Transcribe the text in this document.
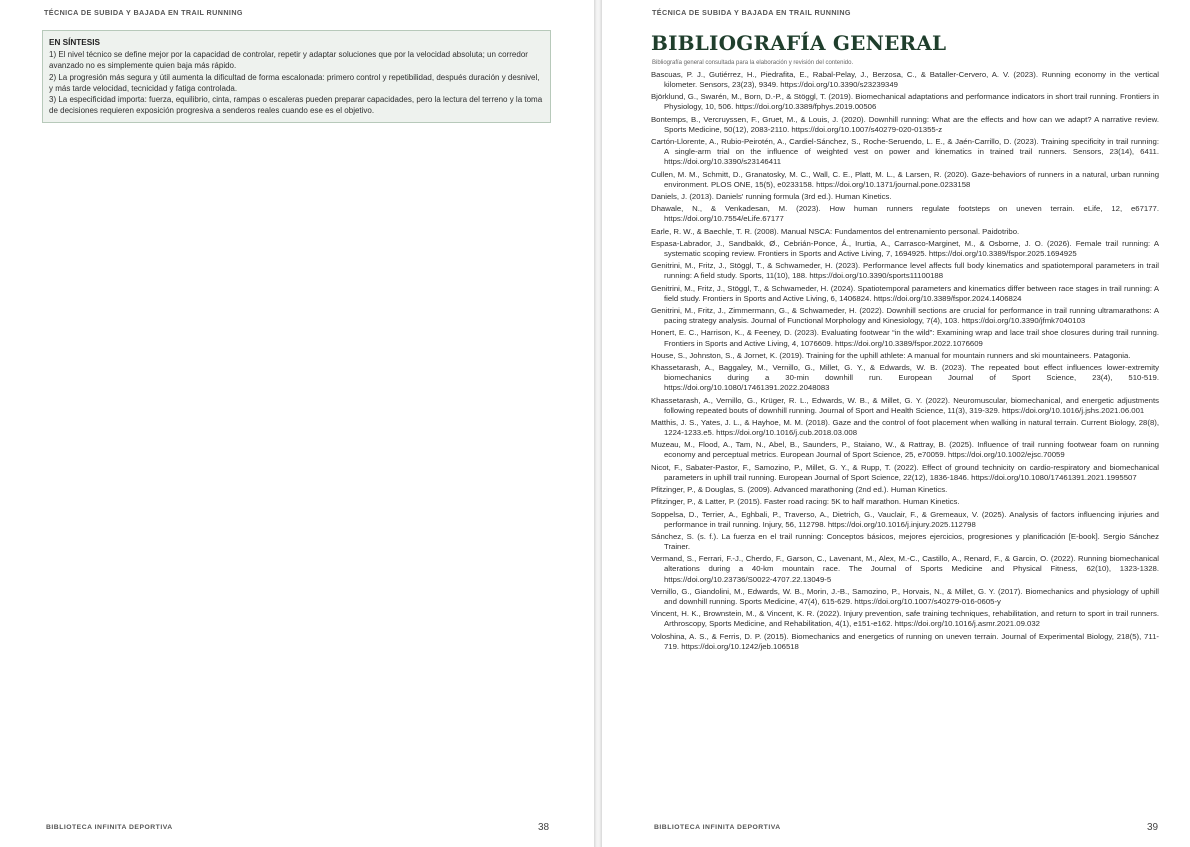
TÉCNICA DE SUBIDA Y BAJADA EN TRAIL RUNNING
EN SÍNTESIS

1) El nivel técnico se define mejor por la capacidad de controlar, repetir y adaptar soluciones que por la velocidad absoluta; un corredor avanzado no es simplemente quien baja más rápido.

2) La progresión más segura y útil aumenta la dificultad de forma escalonada: primero control y repetibilidad, después duración y desnivel, y más tarde velocidad, tecnicidad y fatiga controlada.

3) La especificidad importa: fuerza, equilibrio, cinta, rampas o escaleras pueden preparar capacidades, pero la lectura del terreno y la toma de decisiones requieren exposición progresiva a senderos reales cuando ese es el objetivo.

BIBLIOTECA INFINITA DEPORTIVA	38
TÉCNICA DE SUBIDA Y BAJADA EN TRAIL RUNNING
BIBLIOGRAFÍA GENERAL
Bibliografía general consultada para la elaboración y revisión del contenido.
Bascuas, P. J., Gutiérrez, H., Piedrafita, E., Rabal-Pelay, J., Berzosa, C., & Bataller-Cervero, A. V. (2023). Running economy in the vertical kilometer. Sensors, 23(23), 9349. https://doi.org/10.3390/s23239349
Björklund, G., Swarén, M., Born, D.-P., & Stöggl, T. (2019). Biomechanical adaptations and performance indicators in short trail running. Frontiers in Physiology, 10, 506. https://doi.org/10.3389/fphys.2019.00506
Bontemps, B., Vercruyssen, F., Gruet, M., & Louis, J. (2020). Downhill running: What are the effects and how can we adapt? A narrative review. Sports Medicine, 50(12), 2083-2110. https://doi.org/10.1007/s40279-020-01355-z
Cartón-Llorente, A., Rubio-Peirotén, A., Cardiel-Sánchez, S., Roche-Seruendo, L. E., & Jaén-Carrillo, D. (2023). Training specificity in trail running: A single-arm trial on the influence of weighted vest on power and kinematics in trained trail runners. Sensors, 23(14), 6411. https://doi.org/10.3390/s23146411
Cullen, M. M., Schmitt, D., Granatosky, M. C., Wall, C. E., Platt, M. L., & Larsen, R. (2020). Gaze-behaviors of runners in a natural, urban running environment. PLOS ONE, 15(5), e0233158. https://doi.org/10.1371/journal.pone.0233158
Daniels, J. (2013). Daniels' running formula (3rd ed.). Human Kinetics.
Dhawale, N., & Venkadesan, M. (2023). How human runners regulate footsteps on uneven terrain. eLife, 12, e67177. https://doi.org/10.7554/eLife.67177
Earle, R. W., & Baechle, T. R. (2008). Manual NSCA: Fundamentos del entrenamiento personal. Paidotribo.
Espasa-Labrador, J., Sandbakk, Ø., Cebrián-Ponce, Á., Irurtia, A., Carrasco-Marginet, M., & Osborne, J. O. (2026). Female trail running: A systematic scoping review. Frontiers in Sports and Active Living, 7, 1694925. https://doi.org/10.3389/fspor.2025.1694925
Genitrini, M., Fritz, J., Stöggl, T., & Schwameder, H. (2023). Performance level affects full body kinematics and spatiotemporal parameters in trail running: A field study. Sports, 11(10), 188. https://doi.org/10.3390/sports11100188
Genitrini, M., Fritz, J., Stöggl, T., & Schwameder, H. (2024). Spatiotemporal parameters and kinematics differ between race stages in trail running: A field study. Frontiers in Sports and Active Living, 6, 1406824. https://doi.org/10.3389/fspor.2024.1406824
Genitrini, M., Fritz, J., Zimmermann, G., & Schwameder, H. (2022). Downhill sections are crucial for performance in trail running ultramarathons: A pacing strategy analysis. Journal of Functional Morphology and Kinesiology, 7(4), 103. https://doi.org/10.3390/jfmk7040103
Honert, E. C., Harrison, K., & Feeney, D. (2023). Evaluating footwear “in the wild”: Examining wrap and lace trail shoe closures during trail running. Frontiers in Sports and Active Living, 4, 1076609. https://doi.org/10.3389/fspor.2022.1076609
House, S., Johnston, S., & Jornet, K. (2019). Training for the uphill athlete: A manual for mountain runners and ski mountaineers. Patagonia.
Khassetarash, A., Baggaley, M., Vernillo, G., Millet, G. Y., & Edwards, W. B. (2023). The repeated bout effect influences lower-extremity biomechanics during a 30-min downhill run. European Journal of Sport Science, 23(4), 510-519. https://doi.org/10.1080/17461391.2022.2048083
Khassetarash, A., Vernillo, G., Krüger, R. L., Edwards, W. B., & Millet, G. Y. (2022). Neuromuscular, biomechanical, and energetic adjustments following repeated bouts of downhill running. Journal of Sport and Health Science, 11(3), 319-329. https://doi.org/10.1016/j.jshs.2021.06.001
Matthis, J. S., Yates, J. L., & Hayhoe, M. M. (2018). Gaze and the control of foot placement when walking in natural terrain. Current Biology, 28(8), 1224-1233.e5. https://doi.org/10.1016/j.cub.2018.03.008
Muzeau, M., Flood, A., Tam, N., Abel, B., Saunders, P., Staiano, W., & Rattray, B. (2025). Influence of trail running footwear foam on running economy and perceptual metrics. European Journal of Sport Science, 25, e70059. https://doi.org/10.1002/ejsc.70059
Nicot, F., Sabater-Pastor, F., Samozino, P., Millet, G. Y., & Rupp, T. (2022). Effect of ground technicity on cardio-respiratory and biomechanical parameters in uphill trail running. European Journal of Sport Science, 22(12), 1836-1846. https://doi.org/10.1080/17461391.2021.1995507
Pfitzinger, P., & Douglas, S. (2009). Advanced marathoning (2nd ed.). Human Kinetics.
Pfitzinger, P., & Latter, P. (2015). Faster road racing: 5K to half marathon. Human Kinetics.
Soppelsa, D., Terrier, A., Eghbali, P., Traverso, A., Dietrich, G., Vauclair, F., & Gremeaux, V. (2025). Analysis of factors influencing injuries and performance in trail running. Injury, 56, 112798. https://doi.org/10.1016/j.injury.2025.112798
Sánchez, S. (s. f.). La fuerza en el trail running: Conceptos básicos, mejores ejercicios, progresiones y planificación [E-book]. Sergio Sánchez Trainer.
Vermand, S., Ferrari, F.-J., Cherdo, F., Garson, C., Lavenant, M., Alex, M.-C., Castillo, A., Renard, F., & Garcin, O. (2022). Running biomechanical alterations during a 40-km mountain race. The Journal of Sports Medicine and Physical Fitness, 62(10), 1323-1328. https://doi.org/10.23736/S0022-4707.22.13049-5
Vernillo, G., Giandolini, M., Edwards, W. B., Morin, J.-B., Samozino, P., Horvais, N., & Millet, G. Y. (2017). Biomechanics and physiology of uphill and downhill running. Sports Medicine, 47(4), 615-629. https://doi.org/10.1007/s40279-016-0605-y
Vincent, H. K., Brownstein, M., & Vincent, K. R. (2022). Injury prevention, safe training techniques, rehabilitation, and return to sport in trail runners. Arthroscopy, Sports Medicine, and Rehabilitation, 4(1), e151-e162. https://doi.org/10.1016/j.asmr.2021.09.032
Voloshina, A. S., & Ferris, D. P. (2015). Biomechanics and energetics of running on uneven terrain. Journal of Experimental Biology, 218(5), 711-719. https://doi.org/10.1242/jeb.106518
BIBLIOTECA INFINITA DEPORTIVA	39
